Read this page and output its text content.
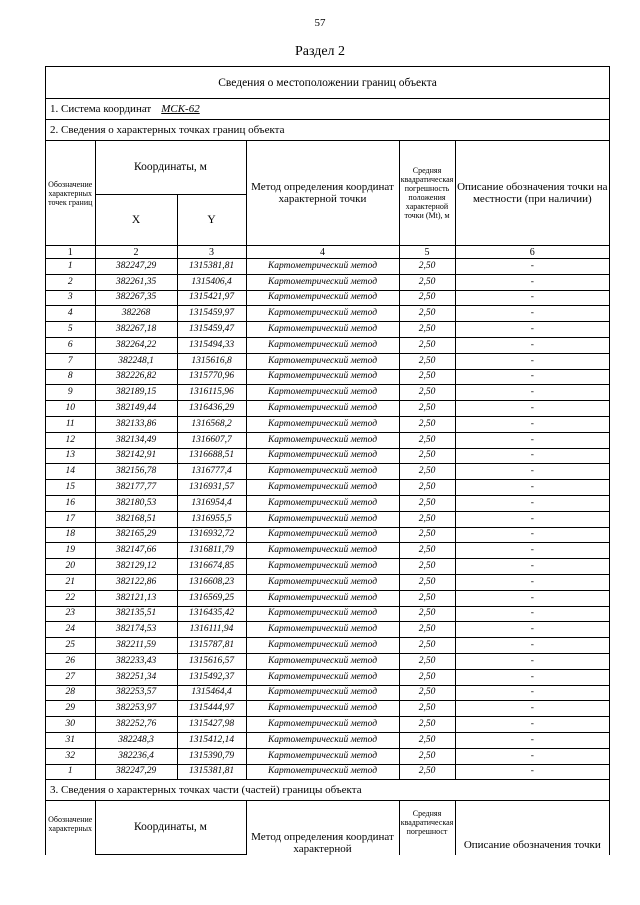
57
Раздел 2
Сведения о местоположении границ объекта					
1. Система координат МСК-62					
2. Сведения о характерных точках границ объекта					
Обозначение характерных точек границ	Координаты, м		Метод определения координат характерной точки	Средняя квадратическая погрешность положения характерной точки (Mt), м	Описание обозначения точки на местности (при наличии)
	X	Y			
1	2	3	4	5	6
1	382247,29	1315381,81	Картометрический метод	2,50	-
2	382261,35	1315406,4	Картометрический метод	2,50	-
3	382267,35	1315421,97	Картометрический метод	2,50	-
4	382268	1315459,97	Картометрический метод	2,50	-
5	382267,18	1315459,47	Картометрический метод	2,50	-
6	382264,22	1315494,33	Картометрический метод	2,50	-
7	382248,1	1315616,8	Картометрический метод	2,50	-
8	382226,82	1315770,96	Картометрический метод	2,50	-
9	382189,15	1316115,96	Картометрический метод	2,50	-
10	382149,44	1316436,29	Картометрический метод	2,50	-
11	382133,86	1316568,2	Картометрический метод	2,50	-
12	382134,49	1316607,7	Картометрический метод	2,50	-
13	382142,91	1316688,51	Картометрический метод	2,50	-
14	382156,78	1316777,4	Картометрический метод	2,50	-
15	382177,77	1316931,57	Картометрический метод	2,50	-
16	382180,53	1316954,4	Картометрический метод	2,50	-
17	382168,51	1316955,5	Картометрический метод	2,50	-
18	382165,29	1316932,72	Картометрический метод	2,50	-
19	382147,66	1316811,79	Картометрический метод	2,50	-
20	382129,12	1316674,85	Картометрический метод	2,50	-
21	382122,86	1316608,23	Картометрический метод	2,50	-
22	382121,13	1316569,25	Картометрический метод	2,50	-
23	382135,51	1316435,42	Картометрический метод	2,50	-
24	382174,53	1316111,94	Картометрический метод	2,50	-
25	382211,59	1315787,81	Картометрический метод	2,50	-
26	382233,43	1315616,57	Картометрический метод	2,50	-
27	382251,34	1315492,37	Картометрический метод	2,50	-
28	382253,57	1315464,4	Картометрический метод	2,50	-
29	382253,97	1315444,97	Картометрический метод	2,50	-
30	382252,76	1315427,98	Картометрический метод	2,50	-
31	382248,3	1315412,14	Картометрический метод	2,50	-
32	382236,4	1315390,79	Картометрический метод	2,50	-
1	382247,29	1315381,81	Картометрический метод	2,50	-
3. Сведения о характерных точках части (частей) границы объекта					
Обозначение характерных	Координаты, м		Метод определения координат характерной	Средняя квадратическая погрешност	Описание обозначения точки
